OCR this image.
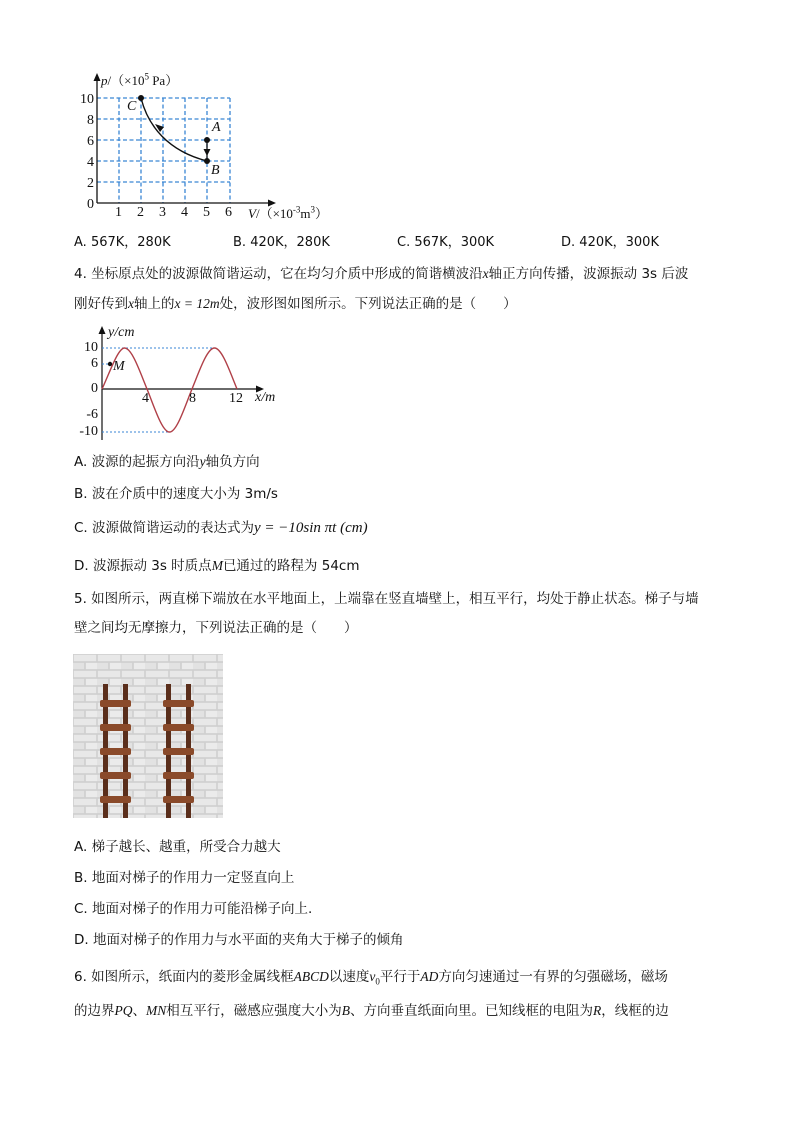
$p/(\times 10^5$ Pa）
$V/(\times 10^{-3}m^3)$
10
8
6
4
2
0
1 2 3 4 5 6
C
A
B
A. 567K，280K	B. 420K，280K	C. 567K，300K	D. 420K，300K
4. 坐标原点处的波源做简谐运动，它在均匀介质中形成的简谐横波沿x轴正方向传播，波源振动 3s 后波
刚好传到x轴上的x = 12m处，波形图如图所示。下列说法正确的是（　　）
y/cm
x/m
10
6
0
-6
-10
4	8 12
M
A. 波源的起振方向沿y轴负方向
B. 波在介质中的速度大小为 3m/s
C. 波源做简谐运动的表达式为y = −10sin πt (cm)
D. 波源振动 3s 时质点M已通过的路程为 54cm
5. 如图所示，两直梯下端放在水平地面上，上端靠在竖直墙壁上，相互平行，均处于静止状态。梯子与墙
壁之间均无摩擦力，下列说法正确的是（　　）
A. 梯子越长、越重，所受合力越大
B. 地面对梯子的作用力一定竖直向上
C. 地面对梯子的作用力可能沿梯子向上.
D. 地面对梯子的作用力与水平面的夹角大于梯子的倾角
6. 如图所示，纸面内的菱形金属线框ABCD以速度$v_0$平行于AD方向匀速通过一有界的匀强磁场，磁场
的边界PQ、MN相互平行，磁感应强度大小为B、方向垂直纸面向里。已知线框的电阻为R，线框的边
